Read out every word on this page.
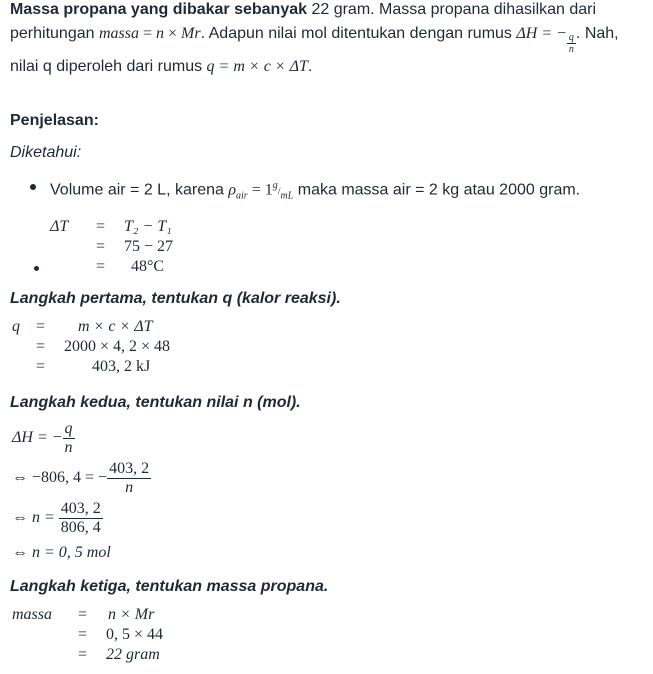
Massa propana yang dibakar sebanyak 22 gram. Massa propana dihasilkan dari perhitungan massa = n × Mr. Adapun nilai mol ditentukan dengan rumus ΔH = − $\frac{q}{n}$ . Nah, nilai q diperoleh dari rumus q = m × c × ΔT.
Penjelasan:
Diketahui:
Volume air = 2 L, karena $\rho_{air} = 1^g/_{mL}$ maka massa air = 2 kg atau 2000 gram.
ΔT = T₂ − T₁
= 75 − 27
= 48°C
Langkah pertama, tentukan q (kalor reaksi).
q = m × c × ΔT
= 2000 × 4, 2 × 48
=	403, 2 kJ
Langkah kedua, tentukan nilai n (mol).
ΔH = − $\frac{q}{n}$
⇔ −806, 4 = − $\frac{403, 2}{n}$
⇔ $n = \frac{403, 2}{806, 4}$
⇔ n = 0, 5 mol
Langkah ketiga, tentukan massa propana.
massa = n × Mr
= 0, 5 × 44
= 22 gram
